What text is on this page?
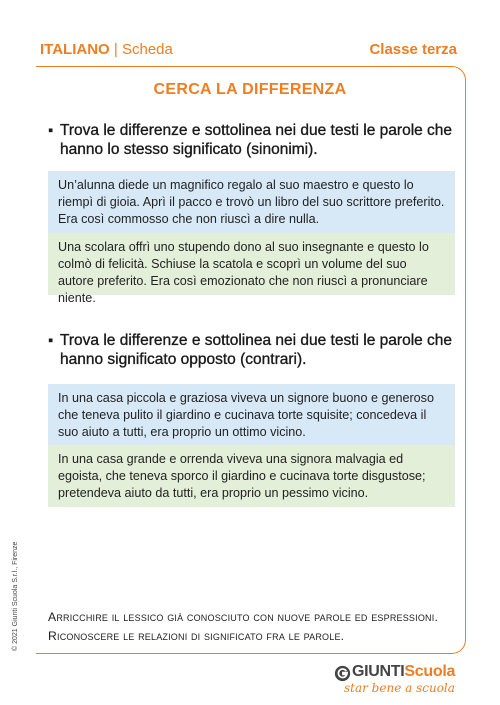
ITALIANO | Scheda	Classe terza
CERCA LA DIFFERENZA
▪ Trova le differenze e sottolinea nei due testi le parole che hanno lo stesso significato (sinonimi).
Un’alunna diede un magnifico regalo al suo maestro e questo lo riempì di gioia. Aprì il pacco e trovò un libro del suo scrittore preferito. Era così commosso che non riuscì a dire nulla.
Una scolara offrì uno stupendo dono al suo insegnante e questo lo colmò di felicità. Schiuse la scatola e scoprì un volume del suo autore preferito. Era così emozionato che non riuscì a pronunciare niente.
▪ Trova le differenze e sottolinea nei due testi le parole che hanno significato opposto (contrari).
In una casa piccola e graziosa viveva un signore buono e generoso che teneva pulito il giardino e cucinava torte squisite; concedeva il suo aiuto a tutti, era proprio un ottimo vicino.
In una casa grande e orrenda viveva una signora malvagia ed egoista, che teneva sporco il giardino e cucinava torte disgustose; pretendeva aiuto da tutti, era proprio un pessimo vicino.
© 2021 Giunti Scuola S.r.l., Firenze Arricchire il lessico già conosciuto con nuove parole ed espressioni. Riconoscere le relazioni di significato fra le parole.
GIUNTIScuola
star bene a scuola
